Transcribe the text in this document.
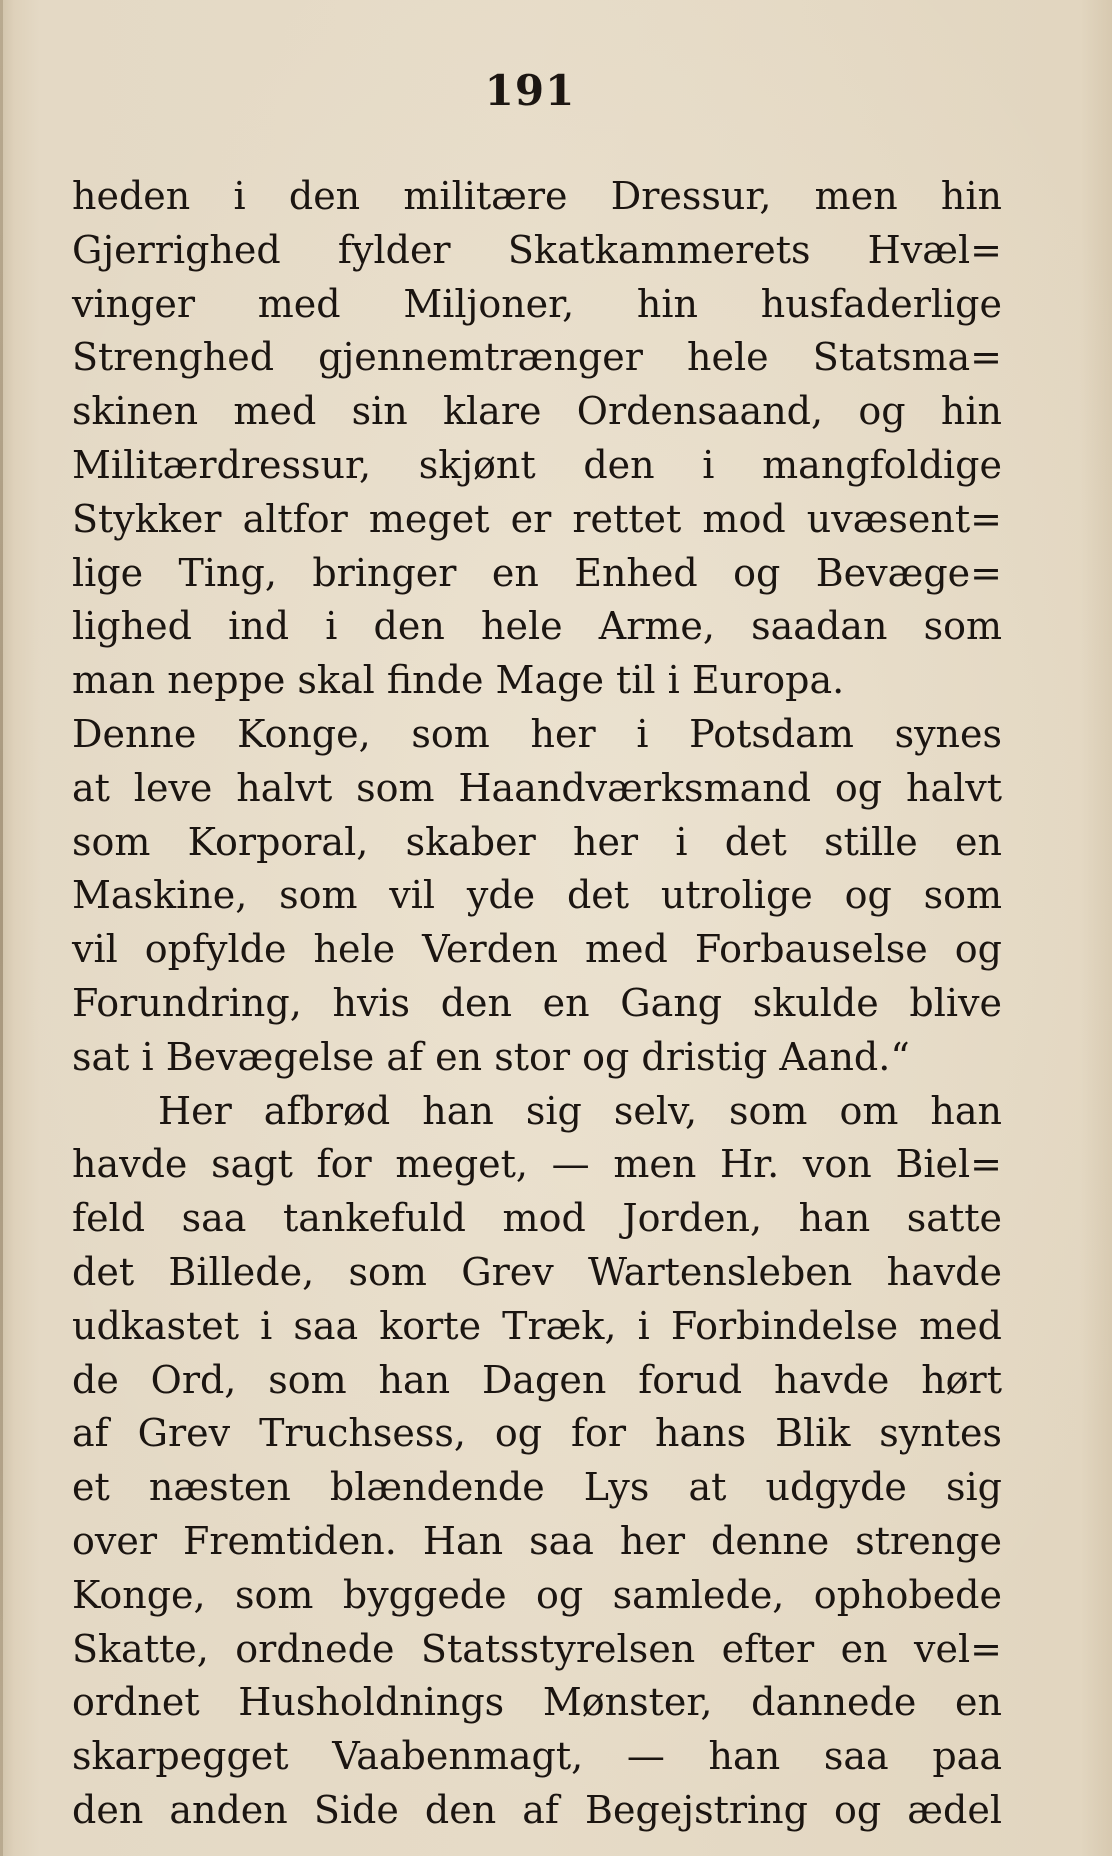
191
heden i den militære Dressur, men hin
Gjerrighed fylder Skatkammerets Hvæl=
vinger med Miljoner, hin husfaderlige
Strenghed gjennemtrænger hele Statsma=
skinen med sin klare Ordensaand, og hin
Militærdressur, skjønt den i mangfoldige
Stykker altfor meget er rettet mod uvæsent=
lige Ting, bringer en Enhed og Bevæge=
lighed ind i den hele Arme, saadan som
man neppe skal finde Mage til i Europa.
Denne Konge, som her i Potsdam synes
at leve halvt som Haandværksmand og halvt
som Korporal, skaber her i det stille en
Maskine, som vil yde det utrolige og som
vil opfylde hele Verden med Forbauselse og
Forundring, hvis den en Gang skulde blive
sat i Bevægelse af en stor og dristig Aand.“
Her afbrød han sig selv, som om han
havde sagt for meget, — men Hr. von Biel=
feld saa tankefuld mod Jorden, han satte
det Billede, som Grev Wartensleben havde
udkastet i saa korte Træk, i Forbindelse med
de Ord, som han Dagen forud havde hørt
af Grev Truchsess, og for hans Blik syntes
et næsten blændende Lys at udgyde sig
over Fremtiden. Han saa her denne strenge
Konge, som byggede og samlede, ophobede
Skatte, ordnede Statsstyrelsen efter en vel=
ordnet Husholdnings Mønster, dannede en
skarpegget Vaabenmagt, — han saa paa
den anden Side den af Begejstring og ædel
